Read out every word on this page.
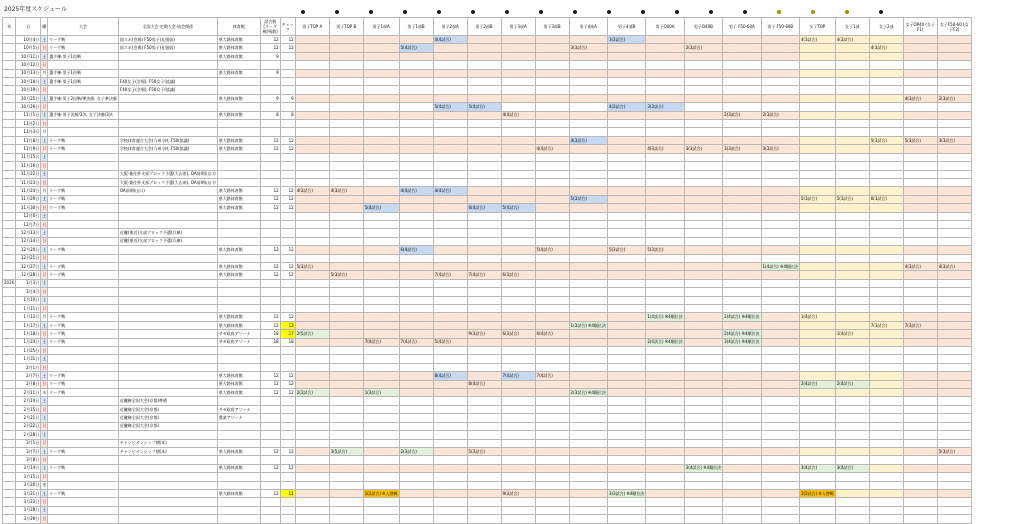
2025年度スケジュール
年	日	曜	大会	全国大会·定期大会·協会関係	体育館	試合数 (リーグ戦/残数)	チェック	男子TOP A	男子TOP B	男子1部A	男子1部B	男子2部A	男子2部B	男子3部A	男子3部B	男子4部A	男子4部B	男子O40A	男子O40B	男子 F50-60A	男子 F50-60B	女子TOP	女子1部	女子2部	女子OP40 (女子F1)	女子F50-60 (女子F2)
	10月4日	土	リーグ戦	国スポ(会場) F50男子(礼服級)	県大路体育館	12	12					4(4試合)					3(3試合)					4(3試合)	4(3試合)			
	10月5日	日	リーグ戦	国スポ(会場) F50男子(礼服級)	県大路体育館	12	12				5(4試合)					3(3試合)			2(3試合)					4(3試合)		
	10月11日	土	選手権·男子1回戦		県大路体育館	9																				
	10月12日	日																								
	10月13日	月	選手権·男子1回戦		県大路体育館	9																				
	10月18日	土	選手権·男子1回戦	F40女子(会場), F50女子(協議)																						
	10月19日	日		F40女子(会場), F50女子(協議)																						
	10月25日	土	選手権·男子2回戦/準決勝, 女子準決勝		県大路体育館	9	9																		4(3試合)	2(3試合)
	10月26日	日										5(4試合)	5(4試合)				4(3試合)	3(3試合)								
	11月1日	土	選手権·男子決勝/3決, 女子決勝/3決		県大路体育館	8	8							4(4試合)						2(3試合)	2(3試合)					
	11月2日	日																								
	11月3日	月																								
	11月8日	土	リーグ戦	学校体育連合大会(九州·沖), F50(協議)	県大路体育館	12	12									4(3試合)								5(3試合)	5(3試合)	3(3試合)
	11月9日	日	リーグ戦	学校体育連合大会(九州·沖), F50(協議)	県大路体育館	12	12								4(4試合)			4(3試合)	3(3試合)	3(3試合)	3(3試合)					
	11月15日	土																								
	11月16日	日																								
	11月22日	土		大阪·兼住杯支部ブロック予選(大山南), OA前期(山口)																						
	11月23日	日		大阪·兼住杯支部ブロック予選(大山南), OA前期(山口)																						
	11月24日	月	リーグ戦	OA前期(山口)	県大路体育館	12	12	4(3試合)	4(3試合)		4(4試合)	4(4試合)														
	11月29日	土	リーグ戦		県大路体育館	12	12									5(3試合)						5(3試合)	5(3試合)	6(3試合)		
	11月30日	日	リーグ戦		県大路体育館	12	12			5(4試合)			6(4試合)	5(4試合)												
	12月6日	土																								
	12月7日	日																								
	12月13日	土		近畿(東近)支部ブロック予選(兵庫)																						
	12月14日	日		近畿(東近)支部ブロック予選(兵庫)																						
	12月20日	土	リーグ戦		県大路体育館	12	12				6(4試合)				5(4試合)		5(3試合)	5(3試合)								
	12月21日	日																								
	12月27日	土	リーグ戦		県大路体育館	12	12	5(3試合)													1(4試合) ※4順位決				4(3試合)	4(3試合)
	12月28日	日	リーグ戦		県大路体育館	12	12		5(3試合)			7(4試合)	7(4試合)	6(3試合)												
2026	1月3日	土																								
	1月4日	日																								
	1月10日	土																								
	1月11日	日																								
	1月12日	月	リーグ戦		県大路体育館	12	12											1(4試合) ※4順位決		2(4試合) ※4順位決		1(4試合)				
	1月17日	土	リーグ戦		県大路体育館	12	13									1(3試合) ※4順位決								7(3試合)	7(3試合)	
	1月18日	日	リーグ戦		サゼ政府アリーナ	18	17	2(5試合)					9(3試合)	6(3試合)	6(4試合)					2(4試合) ※4順位決			1(4試合)			
	1月24日	土	リーグ戦		サゼ政府アリーナ	18	18			7(4試合)	7(4試合)	5(4試合)						2(4試合) ※4順位決		3(4試合) ※4順位決						
	1月25日	日																								
	1月31日	土																								
	2月1日	日																								
	2月7日	土	リーグ戦		県大路体育館	12	12					8(4試合)		7(4試合)	7(4試合)											
	2月8日	日	リーグ戦		県大路体育館	12	12						8(4試合)									2(4試合)	2(4試合)			
	2月11日	水	リーグ戦		県大路体育館	12	12	2(3試合)		1(3試合)						2(3試合) ※4順位決										
	2月14日	土		近畿権全国大会(京都)準備																						
	2月15日	日		近畿権全国大会(京都)	サゼ政府アリーナ																					
	2月21日	土		近畿権全国大会(京都)	農業アリーナ																					
	2月22日	日		近畿権全国大会(京都)																						
	2月28日	土																								
	3月1日	日		チャンピオンシップ(熊本)																						
	3月7日	土	リーグ戦	チャンピオンシップ(熊本)	県大路体育館	12	12		3(5試合)		2(3試合)		5(3試合)													5(3試合)
	3月8日	日																								
	3月14日	土	リーグ戦		県大路体育館	12	12												3(4試合) ※4順位決			3(4試合)	3(4試合)			
	3月15日	日																								
	3月20日	金																								
	3月21日	土	リーグ戦		県大路体育館	12	11			1(2試合) ※入替戦				9(3試合)			3(3試合) ※4順位決					1(2試合) ※入替戦				
	3月22日	日																								
	3月28日	土																								
	3月29日	日																								
